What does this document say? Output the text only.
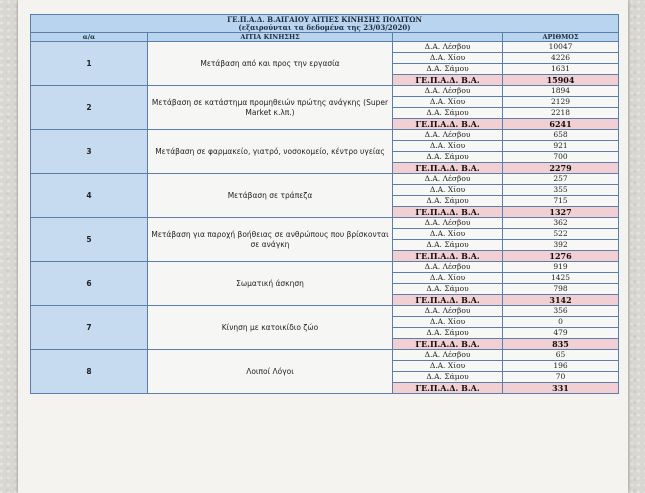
ΓΕ.Π.Α.Δ. Β.ΑΙΓΑΙΟΥ ΑΙΤΙΕΣ ΚΙΝΗΣΗΣ ΠΟΛΙΤΩΝ
(εξαιρούνται τα δεδομένα της 23/03/2020)			

α/α	ΑΙΤΙΑ ΚΙΝΗΣΗΣ		ΑΡΙΘΜΟΣ
1	Μετάβαση από και προς την εργασία	Δ.Α. Λέσβου	10047
		Δ.Α. Χίου	4226
		Δ.Α. Σάμου	1631
		ΓΕ.Π.Α.Δ. Β.Α.	15904
2	Μετάβαση σε κατάστημα προμηθειών πρώτης ανάγκης (Super Market κ.λπ.)	Δ.Α. Λέσβου	1894
		Δ.Α. Χίου	2129
		Δ.Α. Σάμου	2218
		ΓΕ.Π.Α.Δ. Β.Α.	6241
3	Μετάβαση σε φαρμακείο, γιατρό, νοσοκομείο, κέντρο υγείας	Δ.Α. Λέσβου	658
		Δ.Α. Χίου	921
		Δ.Α. Σάμου	700
		ΓΕ.Π.Α.Δ. Β.Α.	2279
4	Μετάβαση σε τράπεζα	Δ.Α. Λέσβου	257
		Δ.Α. Χίου	355
		Δ.Α. Σάμου	715
		ΓΕ.Π.Α.Δ. Β.Α.	1327
5	Μετάβαση για παροχή βοήθειας σε ανθρώπους που βρίσκονται σε ανάγκη	Δ.Α. Λέσβου	362
		Δ.Α. Χίου	522
		Δ.Α. Σάμου	392
		ΓΕ.Π.Α.Δ. Β.Α.	1276
6	Σωματική άσκηση	Δ.Α. Λέσβου	919
		Δ.Α. Χίου	1425
		Δ.Α. Σάμου	798
		ΓΕ.Π.Α.Δ. Β.Α.	3142
7	Κίνηση με κατοικίδιο ζώο	Δ.Α. Λέσβου	356
		Δ.Α. Χίου	0
		Δ.Α. Σάμου	479
		ΓΕ.Π.Α.Δ. Β.Α.	835
8	Λοιποί Λόγοι	Δ.Α. Λέσβου	65
		Δ.Α. Χίου	196
		Δ.Α. Σάμου	70
		ΓΕ.Π.Α.Δ. Β.Α.	331
